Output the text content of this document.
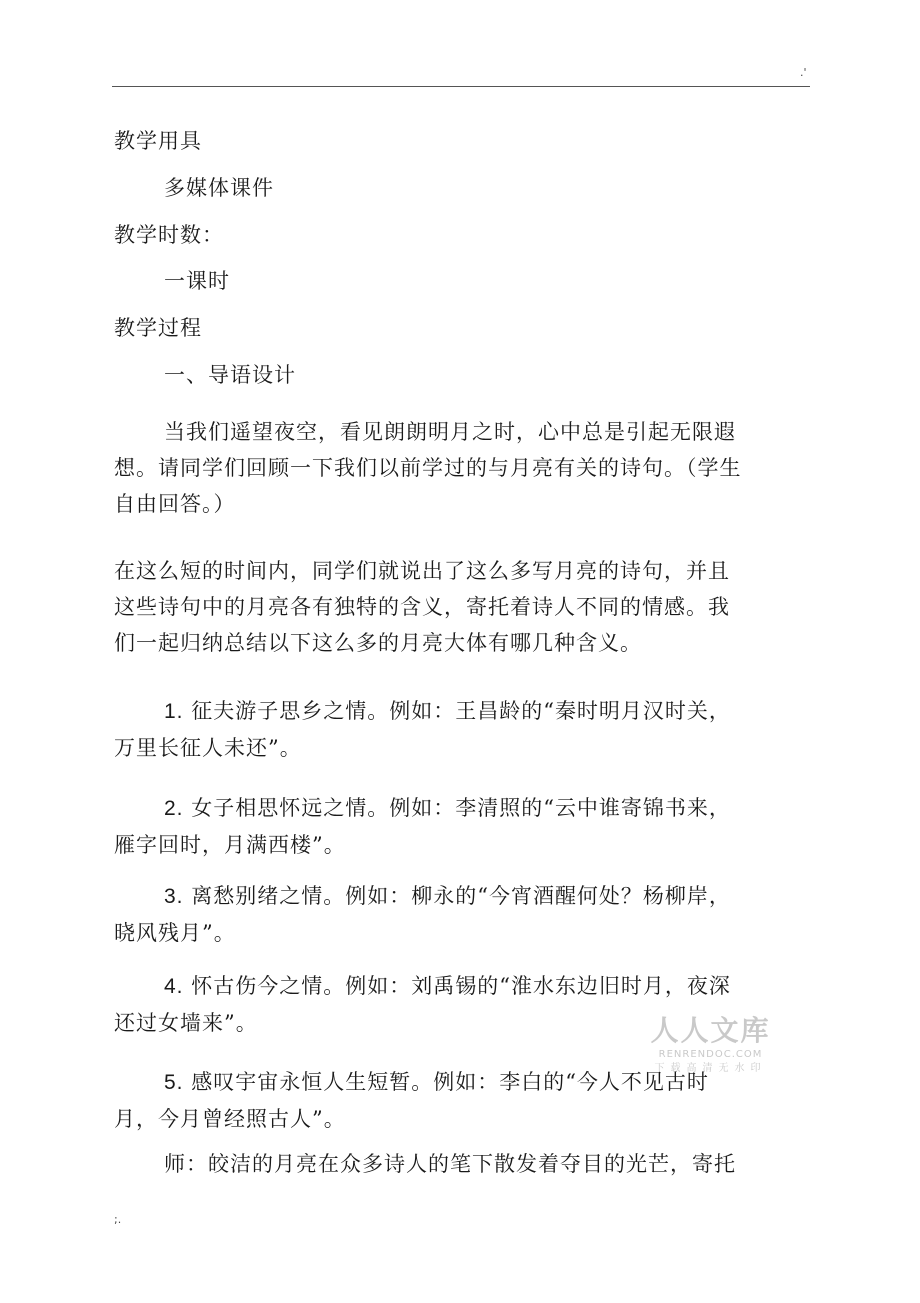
.'
教学用具
多媒体课件
教学时数：
一课时
教学过程
一、导语设计
当我们遥望夜空，看见朗朗明月之时，心中总是引起无限遐想。请同学们回顾一下我们以前学过的与月亮有关的诗句。（学生自由回答。）
在这么短的时间内，同学们就说出了这么多写月亮的诗句，并且这些诗句中的月亮各有独特的含义，寄托着诗人不同的情感。我们一起归纳总结以下这么多的月亮大体有哪几种含义。
1. 征夫游子思乡之情。例如：王昌龄的“秦时明月汉时关，万里长征人未还”。
2. 女子相思怀远之情。例如：李清照的“云中谁寄锦书来，雁字回时，月满西楼”。
3. 离愁别绪之情。例如：柳永的“今宵酒醒何处？杨柳岸，晓风残月”。
4. 怀古伤今之情。例如：刘禹锡的“淮水东边旧时月，夜深还过女墙来”。
5. 感叹宇宙永恒人生短暂。例如：李白的“今人不见古时月，今月曾经照古人”。
师：皎洁的月亮在众多诗人的笔下散发着夺目的光芒，寄托
人人文库
RENRENDOC.COM
下载高清无水印
;.
